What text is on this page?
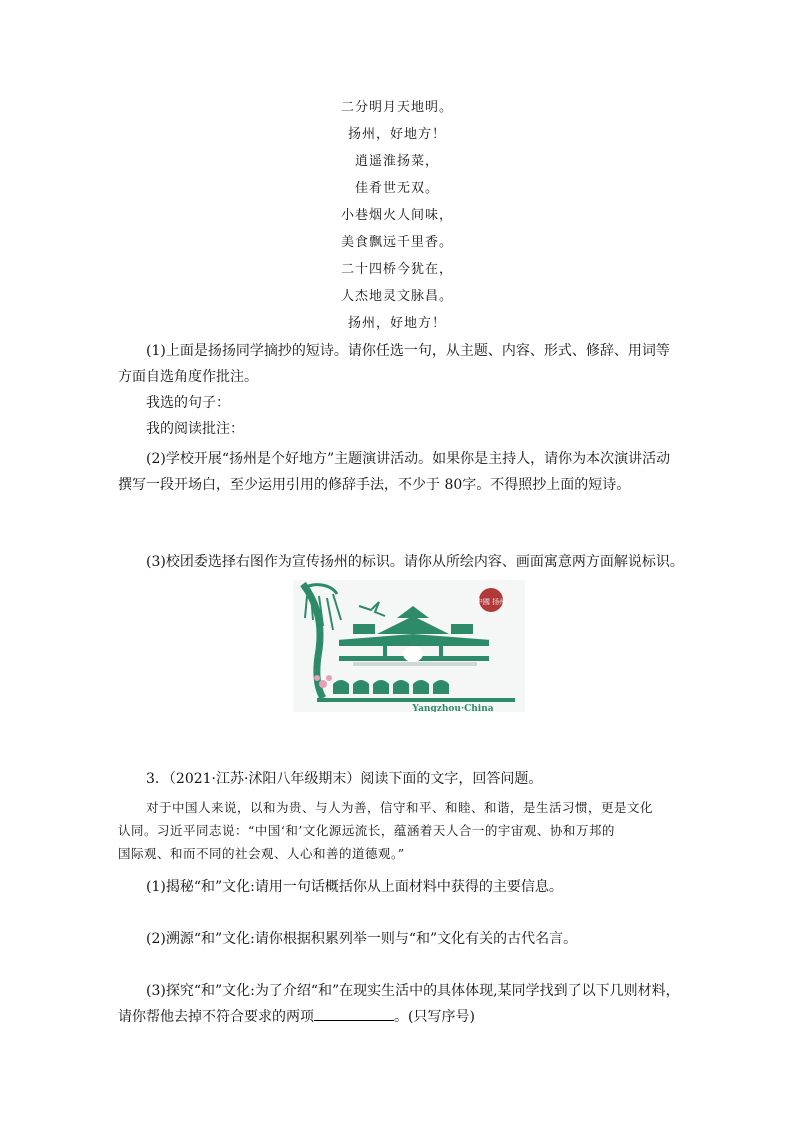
二分明月天地明。
扬州，好地方！
逍遥淮扬菜，
佳肴世无双。
小巷烟火人间味，
美食飘远千里香。
二十四桥今犹在，
人杰地灵文脉昌。
扬州，好地方！
(1)上面是扬扬同学摘抄的短诗。请你任选一句，从主题、内容、形式、修辞、用词等
方面自选角度作批注。
我选的句子：
我的阅读批注：
(2)学校开展“扬州是个好地方”主题演讲活动。如果你是主持人，请你为本次演讲活动
撰写一段开场白，至少运用引用的修辞手法，不少于 80字。不得照抄上面的短诗。
(3)校团委选择右图作为宣传扬州的标识。请你从所绘内容、画面寓意两方面解说标识。
中國 扬州
Yangzhou·China
3．（2021·江苏·沭阳八年级期末）阅读下面的文字，回答问题。
对于中国人来说，以和为贵、与人为善，信守和平、和睦、和谐，是生活习惯，更是文化
认同。习近平同志说：“中国‘和’文化源远流长，蕴涵着天人合一的宇宙观、协和万邦的
国际观、和而不同的社会观、人心和善的道德观。”
(1)揭秘“和”文化:请用一句话概括你从上面材料中获得的主要信息。
(2)溯源“和”文化:请你根据积累列举一则与“和”文化有关的古代名言。
(3)探究“和”文化:为了介绍“和”在现实生活中的具体体现,某同学找到了以下几则材料，
请你帮他去掉不符合要求的两项	。(只写序号)
